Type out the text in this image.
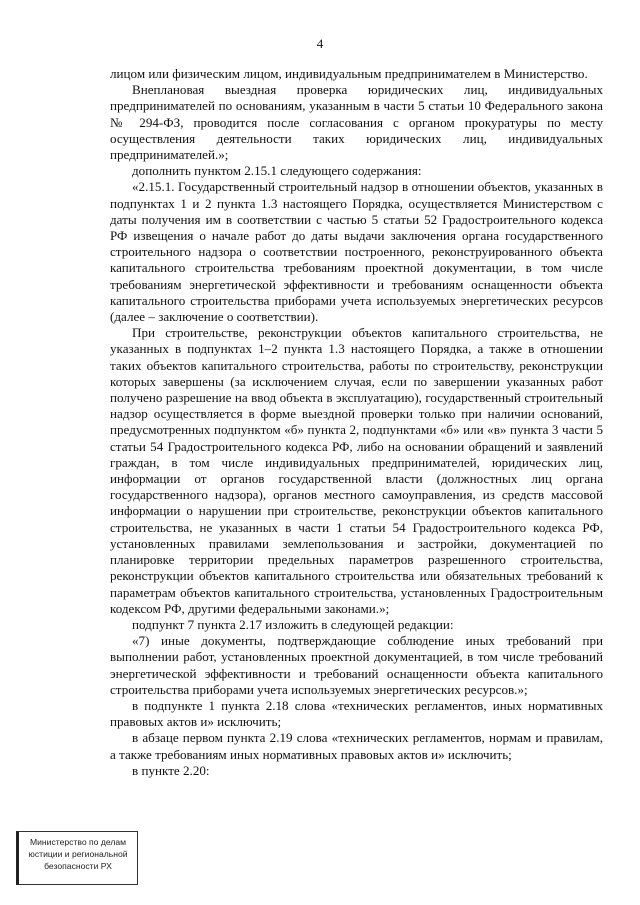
4

лицом или физическим лицом, индивидуальным предпринимателем в Министерство.

Внеплановая выездная проверка юридических лиц, индивидуальных предпринимателей по основаниям, указанным в части 5 статьи 10 Федерального закона № 294-ФЗ, проводится после согласования с органом прокуратуры по месту осуществления деятельности таких юридических лиц, индивидуальных предпринимателей.»;

дополнить пунктом 2.15.1 следующего содержания:

«2.15.1. Государственный строительный надзор в отношении объектов, указанных в подпунктах 1 и 2 пункта 1.3 настоящего Порядка, осуществляется Министерством с даты получения им в соответствии с частью 5 статьи 52 Градостроительного кодекса РФ извещения о начале работ до даты выдачи заключения органа государственного строительного надзора о соответствии построенного, реконструированного объекта капитального строительства требованиям проектной документации, в том числе требованиям энергетической эффективности и требованиям оснащенности объекта капитального строительства приборами учета используемых энергетических ресурсов (далее – заключение о соответствии).

При строительстве, реконструкции объектов капитального строительства, не указанных в подпунктах 1–2 пункта 1.3 настоящего Порядка, а также в отношении таких объектов капитального строительства, работы по строительству, реконструкции которых завершены (за исключением случая, если по завершении указанных работ получено разрешение на ввод объекта в эксплуатацию), государственный строительный надзор осуществляется в форме выездной проверки только при наличии оснований, предусмотренных подпунктом «б» пункта 2, подпунктами «б» или «в» пункта 3 части 5 статьи 54 Градостроительного кодекса РФ, либо на основании обращений и заявлений граждан, в том числе индивидуальных предпринимателей, юридических лиц, информации от органов государственной власти (должностных лиц органа государственного надзора), органов местного самоуправления, из средств массовой информации о нарушении при строительстве, реконструкции объектов капитального строительства, не указанных в части 1 статьи 54 Градостроительного кодекса РФ, установленных правилами землепользования и застройки, документацией по планировке территории предельных параметров разрешенного строительства, реконструкции объектов капитального строительства или обязательных требований к параметрам объектов капитального строительства, установленных Градостроительным кодексом РФ, другими федеральными законами.»;

подпункт 7 пункта 2.17 изложить в следующей редакции:

«7) иные документы, подтверждающие соблюдение иных требований при выполнении работ, установленных проектной документацией, в том числе требований энергетической эффективности и требований оснащенности объекта капитального строительства приборами учета используемых энергетических ресурсов.»;

в подпункте 1 пункта 2.18 слова «технических регламентов, иных нормативных правовых актов и» исключить;

в абзаце первом пункта 2.19 слова «технических регламентов, нормам и правилам, а также требованиям иных нормативных правовых актов и» исключить;

в пункте 2.20:

Министерство по делам
юстиции и региональной
безопасности РХ
